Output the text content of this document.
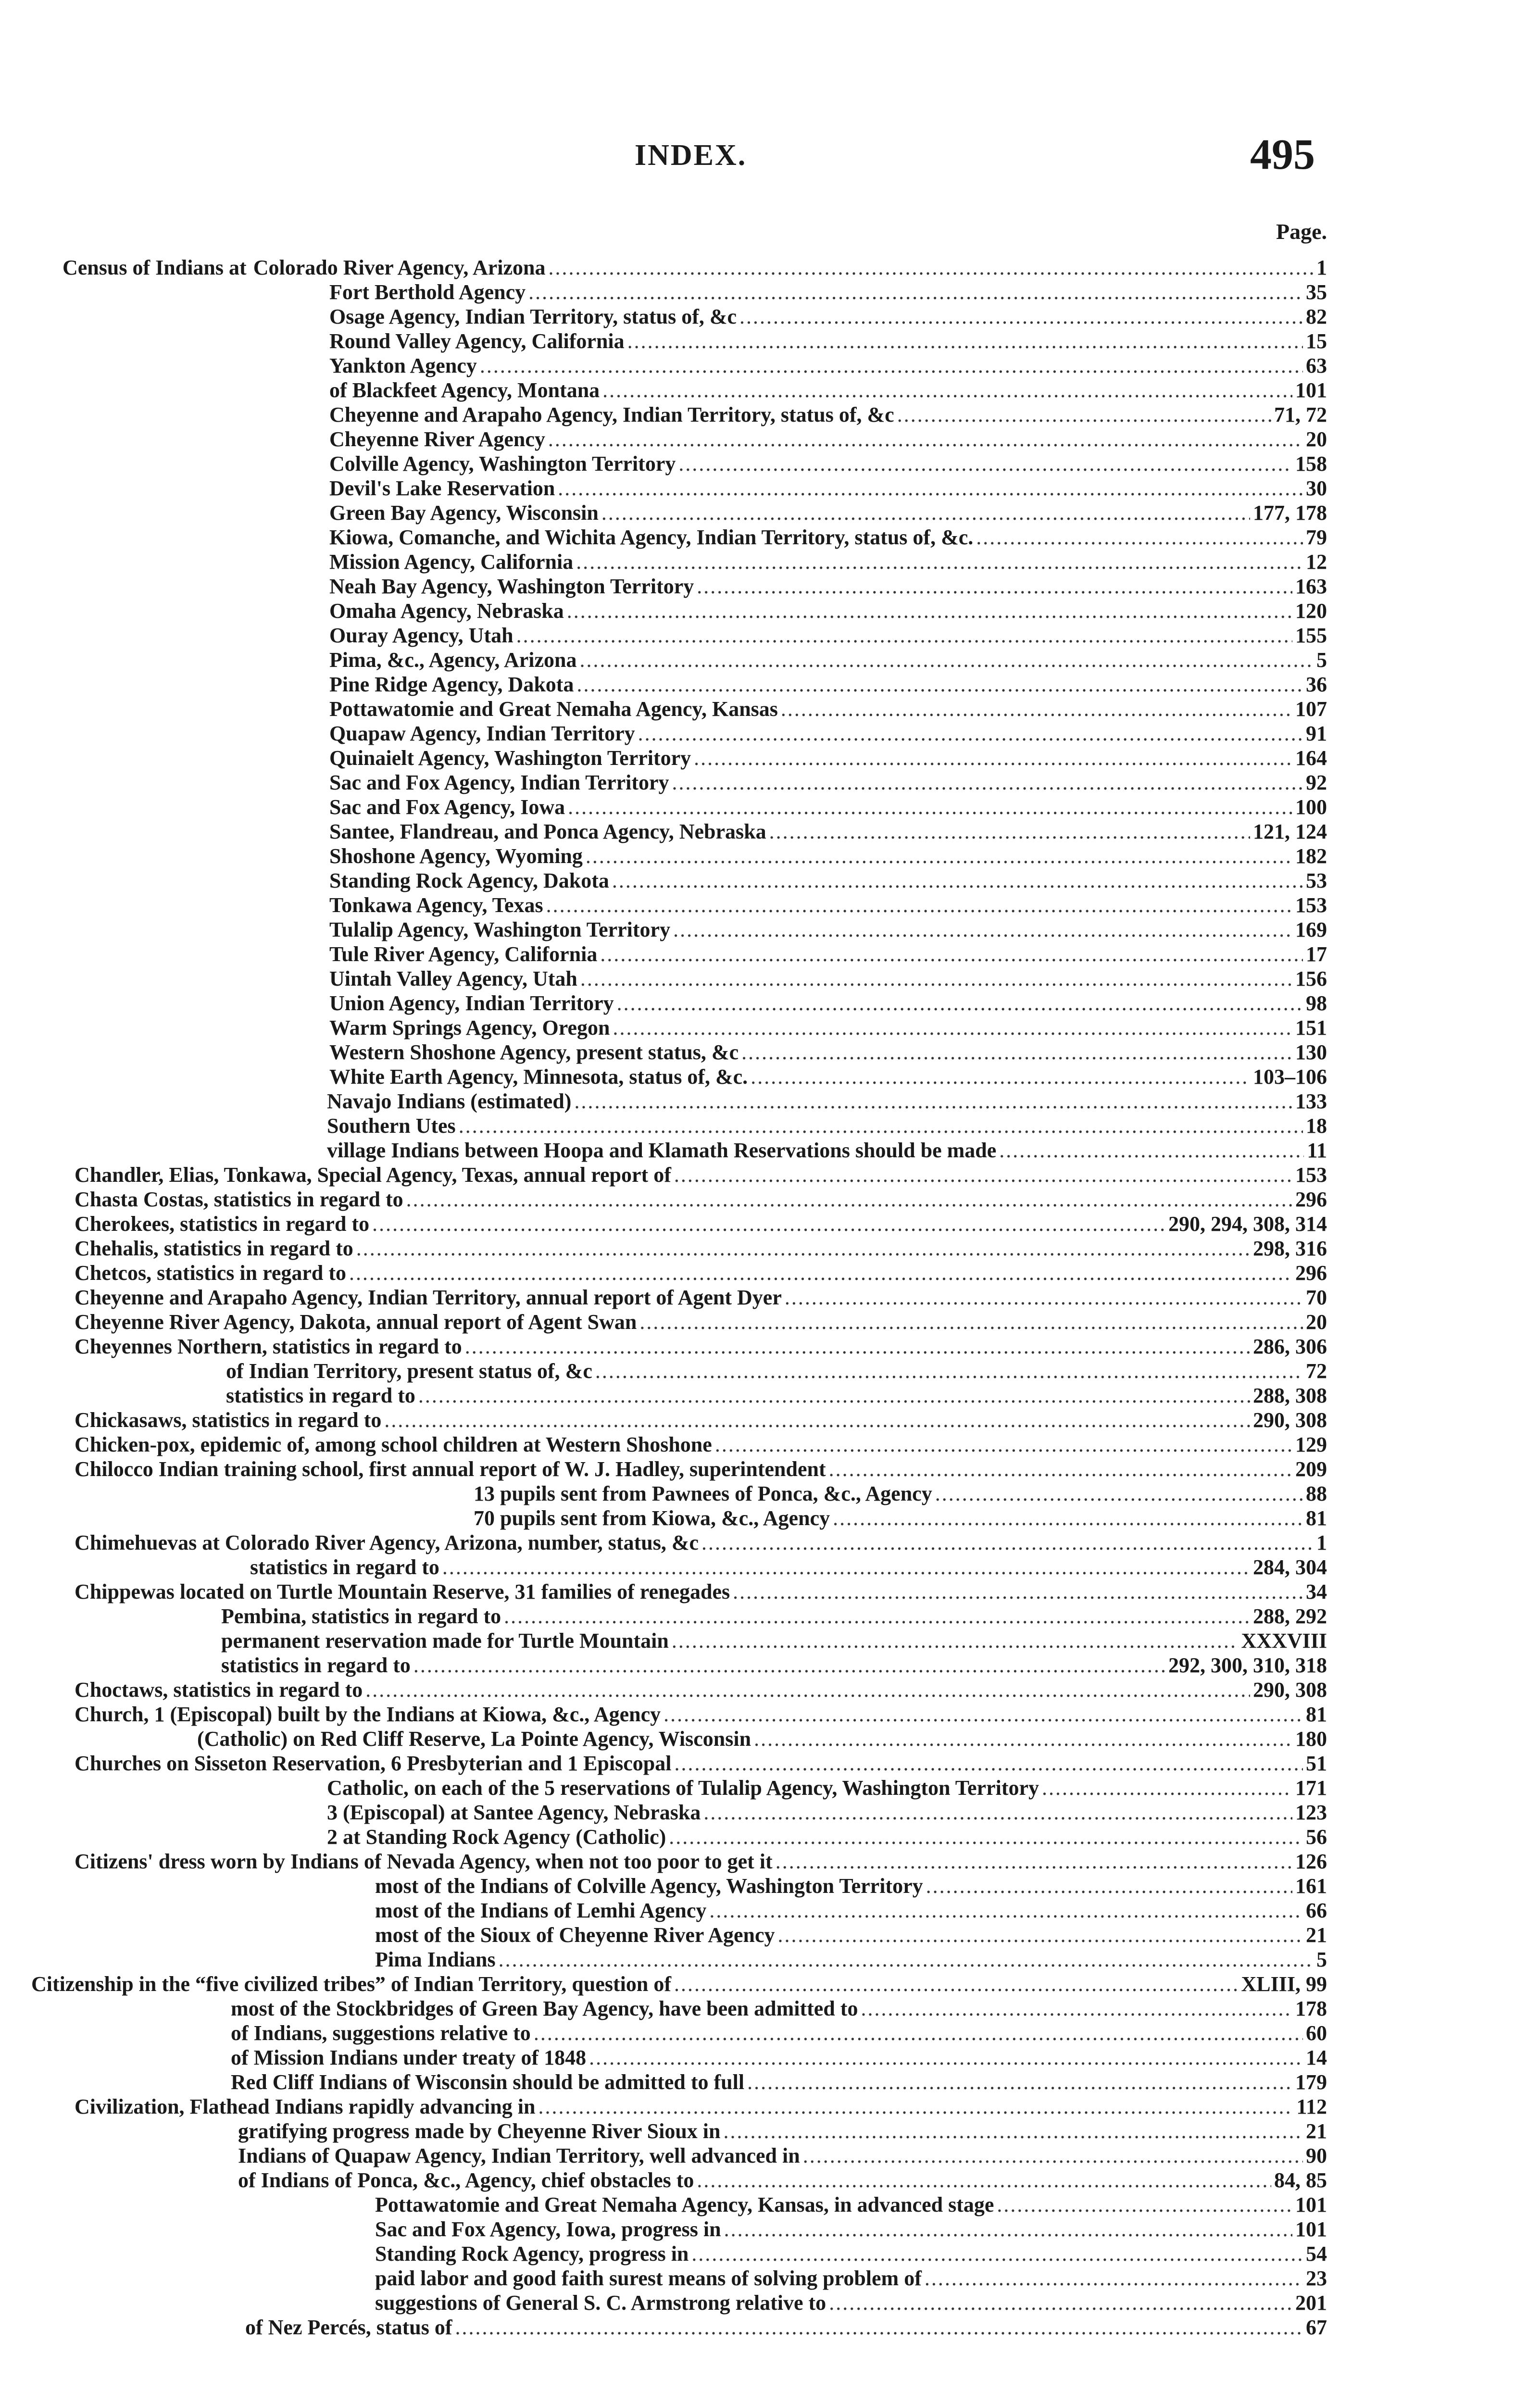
INDEX.	495
Page.
Census of Indians at Colorado River Agency, Arizona .....	1
Fort Berthold Agency .....	35
Osage Agency, Indian Territory, status of, &c .....	82
Round Valley Agency, California .....	15
Yankton Agency .....	63
of Blackfeet Agency, Montana .....	101
Cheyenne and Arapaho Agency, Indian Territory, status of, &c .....	71, 72
Cheyenne River Agency .....	20
Colville Agency, Washington Territory .....	158
Devil's Lake Reservation .....	30
Green Bay Agency, Wisconsin .....	177, 178
Kiowa, Comanche, and Wichita Agency, Indian Territory, status of, &c. .....	79
Mission Agency, California .....	12
Neah Bay Agency, Washington Territory .....	163
Omaha Agency, Nebraska .....	120
Ouray Agency, Utah .....	155
Pima, &c., Agency, Arizona .....	5
Pine Ridge Agency, Dakota .....	36
Pottawatomie and Great Nemaha Agency, Kansas .....	107
Quapaw Agency, Indian Territory .....	91
Quinaielt Agency, Washington Territory .....	164
Sac and Fox Agency, Indian Territory .....	92
Sac and Fox Agency, Iowa .....	100
Santee, Flandreau, and Ponca Agency, Nebraska .....	121, 124
Shoshone Agency, Wyoming .....	182
Standing Rock Agency, Dakota .....	53
Tonkawa Agency, Texas .....	153
Tulalip Agency, Washington Territory .....	169
Tule River Agency, California .....	17
Uintah Valley Agency, Utah .....	156
Union Agency, Indian Territory .....	98
Warm Springs Agency, Oregon .....	151
Western Shoshone Agency, present status, &c .....	130
White Earth Agency, Minnesota, status of, &c. .....	103–106
Navajo Indians (estimated) .....	133
Southern Utes .....	18
village Indians between Hoopa and Klamath Reservations should be made .....	11
Chandler, Elias, Tonkawa, Special Agency, Texas, annual report of .....	153
Chasta Costas, statistics in regard to .....	296
Cherokees, statistics in regard to .....	290, 294, 308, 314
Chehalis, statistics in regard to .....	298, 316
Chetcos, statistics in regard to .....	296
Cheyenne and Arapaho Agency, Indian Territory, annual report of Agent Dyer .....	70
Cheyenne River Agency, Dakota, annual report of Agent Swan .....	20
Cheyennes Northern, statistics in regard to .....	286, 306
of Indian Territory, present status of, &c .....	72
statistics in regard to .....	288, 308
Chickasaws, statistics in regard to .....	290, 308
Chicken-pox, epidemic of, among school children at Western Shoshone .....	129
Chilocco Indian training school, first annual report of W. J. Hadley, superintendent .....	209
13 pupils sent from Pawnees of Ponca, &c., Agency .....	88
70 pupils sent from Kiowa, &c., Agency .....	81
Chimehuevas at Colorado River Agency, Arizona, number, status, &c .....	1
statistics in regard to .....	284, 304
Chippewas located on Turtle Mountain Reserve, 31 families of renegades .....	34
Pembina, statistics in regard to .....	288, 292
permanent reservation made for Turtle Mountain .....	XXXVIII
statistics in regard to .....	292, 300, 310, 318
Choctaws, statistics in regard to .....	290, 308
Church, 1 (Episcopal) built by the Indians at Kiowa, &c., Agency .....	81
(Catholic) on Red Cliff Reserve, La Pointe Agency, Wisconsin .....	180
Churches on Sisseton Reservation, 6 Presbyterian and 1 Episcopal .....	51
Catholic, on each of the 5 reservations of Tulalip Agency, Washington Territory .....	171
3 (Episcopal) at Santee Agency, Nebraska .....	123
2 at Standing Rock Agency (Catholic) .....	56
Citizens' dress worn by Indians of Nevada Agency, when not too poor to get it .....	126
most of the Indians of Colville Agency, Washington Territory .....	161
most of the Indians of Lemhi Agency .....	66
most of the Sioux of Cheyenne River Agency .....	21
Pima Indians .....	5
Citizenship in the “five civilized tribes” of Indian Territory, question of .....	XLIII, 99
most of the Stockbridges of Green Bay Agency, have been admitted to .....	178
of Indians, suggestions relative to .....	60
of Mission Indians under treaty of 1848 .....	14
Red Cliff Indians of Wisconsin should be admitted to full .....	179
Civilization, Flathead Indians rapidly advancing in .....	112
gratifying progress made by Cheyenne River Sioux in .....	21
Indians of Quapaw Agency, Indian Territory, well advanced in .....	90
of Indians of Ponca, &c., Agency, chief obstacles to .....	84, 85
Pottawatomie and Great Nemaha Agency, Kansas, in advanced stage .....	101
Sac and Fox Agency, Iowa, progress in .....	101
Standing Rock Agency, progress in .....	54
paid labor and good faith surest means of solving problem of .....	23
suggestions of General S. C. Armstrong relative to .....	201
of Nez Percés, status of .....	67
